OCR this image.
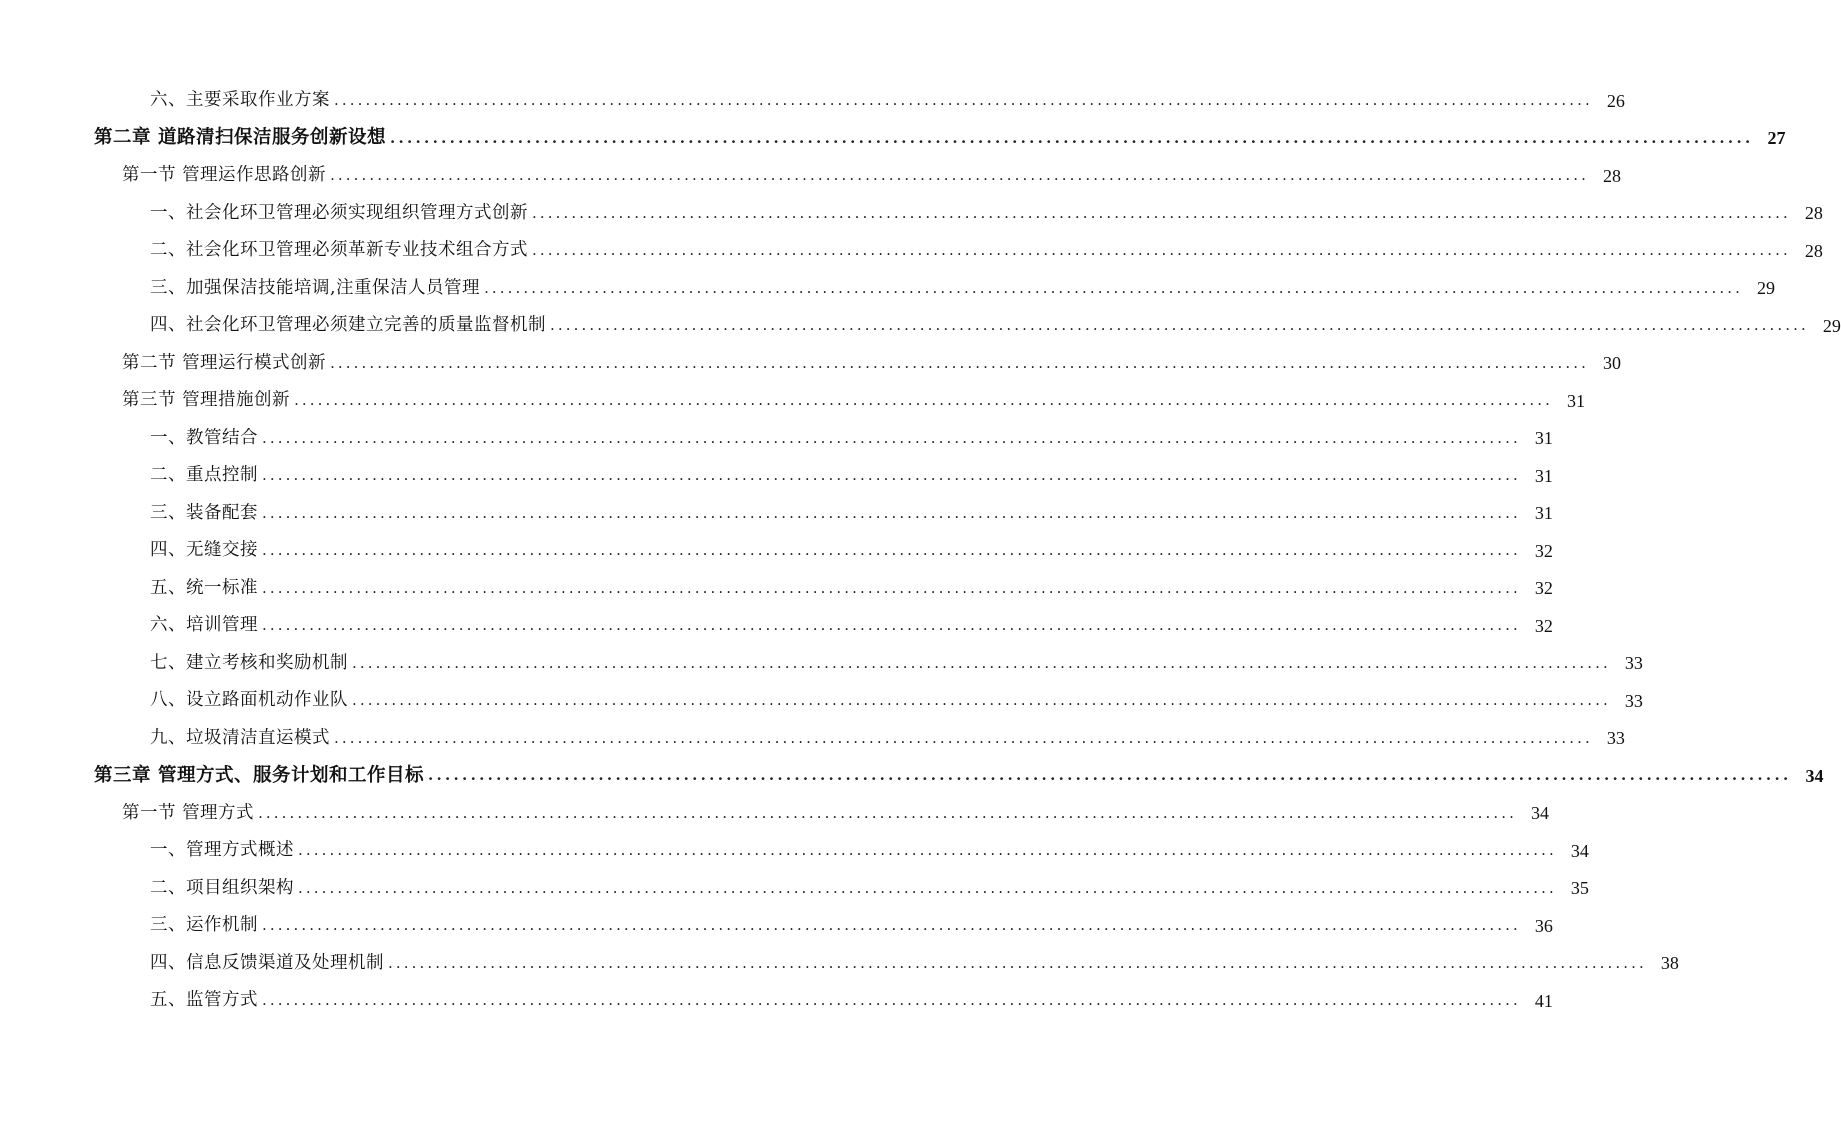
六、主要采取作业方案 ................................................................................................................................................................ 26
第二章 道路清扫保洁服务创新设想 ................................................................................................................................................................ 27
第一节 管理运作思路创新 ................................................................................................................................................................ 28
一、社会化环卫管理必须实现组织管理方式创新 ................................................................................................................................................................ 28
二、社会化环卫管理必须革新专业技术组合方式 ................................................................................................................................................................ 28
三、加强保洁技能培调,注重保洁人员管理 ................................................................................................................................................................ 29
四、社会化环卫管理必须建立完善的质量监督机制 ................................................................................................................................................................ 29
第二节 管理运行模式创新 ................................................................................................................................................................ 30
第三节 管理措施创新 ................................................................................................................................................................ 31
一、教管结合 ................................................................................................................................................................ 31
二、重点控制 ................................................................................................................................................................ 31
三、装备配套 ................................................................................................................................................................ 31
四、无缝交接 ................................................................................................................................................................ 32
五、统一标准 ................................................................................................................................................................ 32
六、培训管理 ................................................................................................................................................................ 32
七、建立考核和奖励机制 ................................................................................................................................................................ 33
八、设立路面机动作业队 ................................................................................................................................................................ 33
九、垃圾清洁直运模式 ................................................................................................................................................................ 33
第三章 管理方式、服务计划和工作目标 ................................................................................................................................................................ 34
第一节 管理方式 ................................................................................................................................................................ 34
一、管理方式概述 ................................................................................................................................................................ 34
二、项目组织架构 ................................................................................................................................................................ 35
三、运作机制 ................................................................................................................................................................ 36
四、信息反馈渠道及处理机制 ................................................................................................................................................................ 38
五、监管方式 ................................................................................................................................................................ 41
